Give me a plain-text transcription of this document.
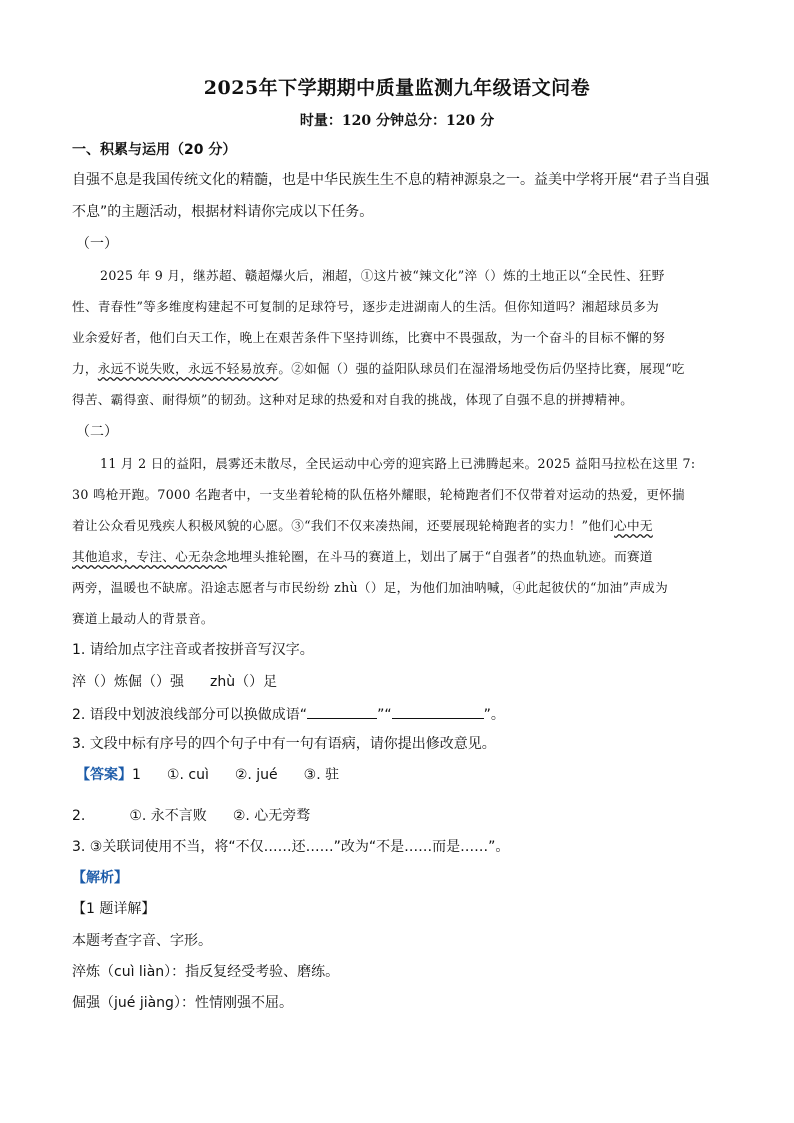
2025年下学期期中质量监测九年级语文问卷
时量：120 分钟总分：120 分
一、积累与运用（20 分）
自强不息是我国传统文化的精髓，也是中华民族生生不息的精神源泉之一。益美中学将开展“君子当自强
不息”的主题活动，根据材料请你完成以下任务。
（一）
2025 年 9 月，继苏超、赣超爆火后，湘超，①这片被“辣文化”淬（）炼的土地正以“全民性、狂野
性、青春性”等多维度构建起不可复制的足球符号，逐步走进湖南人的生活。但你知道吗？湘超球员多为
业余爱好者，他们白天工作，晚上在艰苦条件下坚持训练，比赛中不畏强敌，为一个奋斗的目标不懈的努
力，永远不说失败，永远不轻易放弃。②如倔（）强的益阳队球员们在湿滑场地受伤后仍坚持比赛，展现“吃
得苦、霸得蛮、耐得烦”的韧劲。这种对足球的热爱和对自我的挑战，体现了自强不息的拼搏精神。
（二）
11 月 2 日的益阳，晨雾还未散尽，全民运动中心旁的迎宾路上已沸腾起来。2025 益阳马拉松在这里 7:
30 鸣枪开跑。7000 名跑者中，一支坐着轮椅的队伍格外耀眼，轮椅跑者们不仅带着对运动的热爱，更怀揣
着让公众看见残疾人积极风貌的心愿。③“我们不仅来凑热闹，还要展现轮椅跑者的实力！”他们心中无
其他追求，专注、心无杂念地埋头推轮圈，在斗马的赛道上，划出了属于“自强者”的热血轨迹。而赛道
两旁，温暖也不缺席。沿途志愿者与市民纷纷 zhù（）足，为他们加油呐喊，④此起彼伏的“加油”声成为
赛道上最动人的背景音。
1. 请给加点字注音或者按拼音写汉字。
淬（）炼倔（）强 zhù（）足
2. 语段中划波浪线部分可以换做成语“	”“	”。
3. 文段中标有序号的四个句子中有一句有语病，请你提出修改意见。
【答案】1 ①. cuì ②. jué ③. 驻
2.	①. 永不言败 ②. 心无旁骛
3. ③关联词使用不当，将“不仅……还……”改为“不是……而是……”。
【解析】
【1 题详解】
本题考查字音、字形。
淬炼（cuì liàn）：指反复经受考验、磨练。
倔强（jué jiàng）：性情刚强不屈。
